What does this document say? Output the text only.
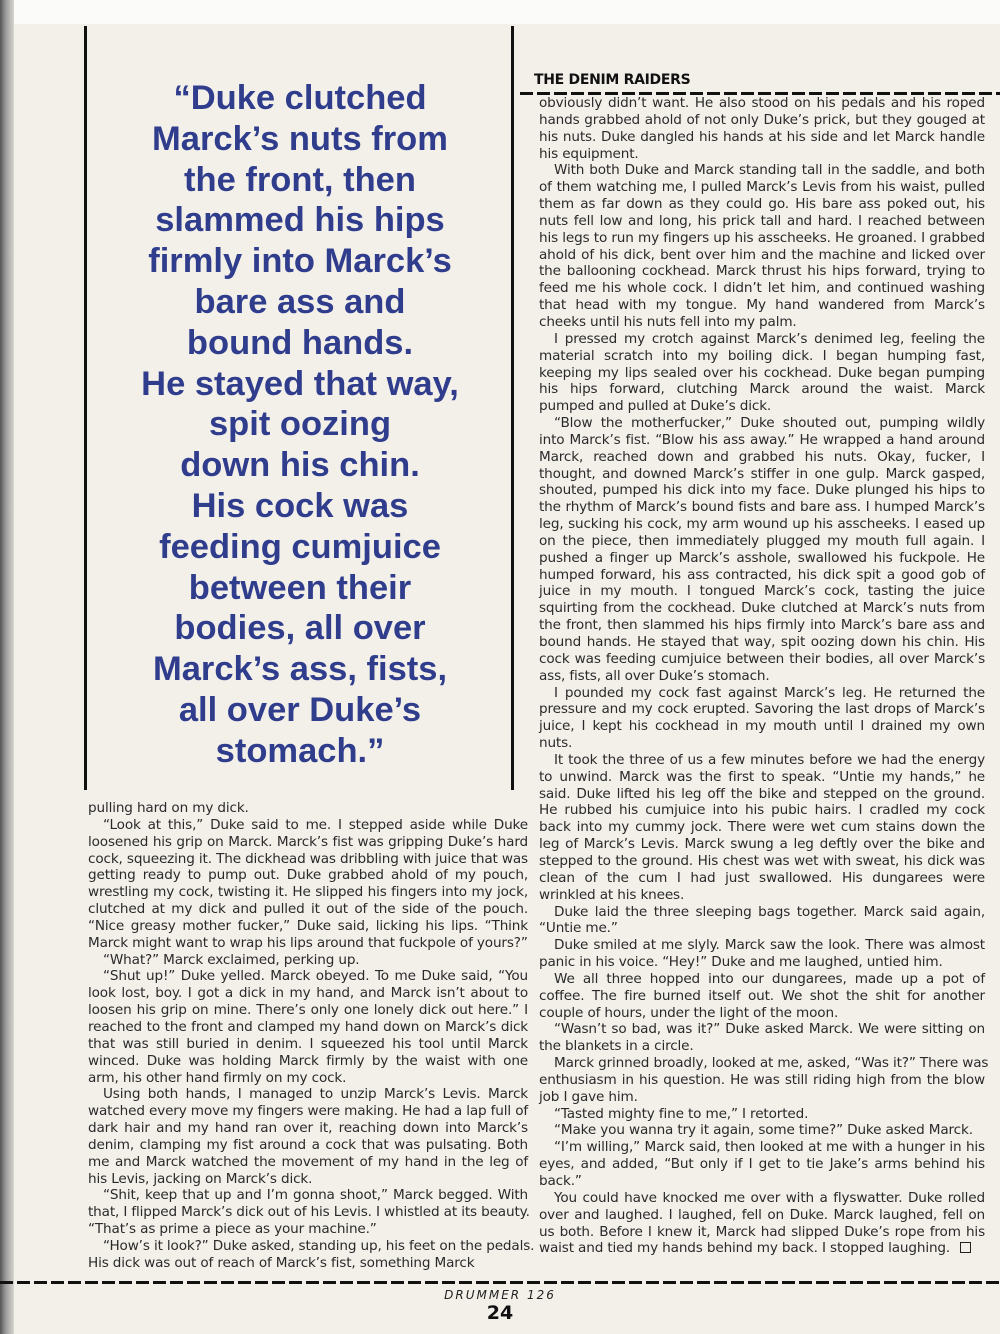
“Duke clutched
Marck’s nuts from
the front, then
slammed his hips
firmly into Marck’s
bare ass and
bound hands.
He stayed that way,
spit oozing
down his chin.
His cock was
feeding cumjuice
between their
bodies, all over
Marck’s ass, fists,
all over Duke’s
stomach.”
THE DENIM RAIDERS
pulling hard on my dick.
“Look at this,” Duke said to me. I stepped aside while Duke
loosened his grip on Marck. Marck’s fist was gripping Duke’s hard
cock, squeezing it. The dickhead was dribbling with juice that was
getting ready to pump out. Duke grabbed ahold of my pouch,
wrestling my cock, twisting it. He slipped his fingers into my jock,
clutched at my dick and pulled it out of the side of the pouch.
“Nice greasy mother fucker,” Duke said, licking his lips. “Think
Marck might want to wrap his lips around that fuckpole of yours?”
“What?” Marck exclaimed, perking up.
“Shut up!” Duke yelled. Marck obeyed. To me Duke said, “You
look lost, boy. I got a dick in my hand, and Marck isn’t about to
loosen his grip on mine. There’s only one lonely dick out here.” I
reached to the front and clamped my hand down on Marck’s dick
that was still buried in denim. I squeezed his tool until Marck
winced. Duke was holding Marck firmly by the waist with one
arm, his other hand firmly on my cock.
Using both hands, I managed to unzip Marck’s Levis. Marck
watched every move my fingers were making. He had a lap full of
dark hair and my hand ran over it, reaching down into Marck’s
denim, clamping my fist around a cock that was pulsating. Both
me and Marck watched the movement of my hand in the leg of
his Levis, jacking on Marck’s dick.
“Shit, keep that up and I’m gonna shoot,” Marck begged. With
that, I flipped Marck’s dick out of his Levis. I whistled at its beauty.
“That’s as prime a piece as your machine.”
“How’s it look?” Duke asked, standing up, his feet on the pedals.
His dick was out of reach of Marck’s fist, something Marck
obviously didn’t want. He also stood on his pedals and his roped
hands grabbed ahold of not only Duke’s prick, but they gouged at
his nuts. Duke dangled his hands at his side and let Marck handle
his equipment.
With both Duke and Marck standing tall in the saddle, and both
of them watching me, I pulled Marck’s Levis from his waist, pulled
them as far down as they could go. His bare ass poked out, his
nuts fell low and long, his prick tall and hard. I reached between
his legs to run my fingers up his asscheeks. He groaned. I grabbed
ahold of his dick, bent over him and the machine and licked over
the ballooning cockhead. Marck thrust his hips forward, trying to
feed me his whole cock. I didn’t let him, and continued washing
that head with my tongue. My hand wandered from Marck’s
cheeks until his nuts fell into my palm.
I pressed my crotch against Marck’s denimed leg, feeling the
material scratch into my boiling dick. I began humping fast,
keeping my lips sealed over his cockhead. Duke began pumping
his hips forward, clutching Marck around the waist. Marck
pumped and pulled at Duke’s dick.
“Blow the motherfucker,” Duke shouted out, pumping wildly
into Marck’s fist. “Blow his ass away.” He wrapped a hand around
Marck, reached down and grabbed his nuts. Okay, fucker, I
thought, and downed Marck’s stiffer in one gulp. Marck gasped,
shouted, pumped his dick into my face. Duke plunged his hips to
the rhythm of Marck’s bound fists and bare ass. I humped Marck’s
leg, sucking his cock, my arm wound up his asscheeks. I eased up
on the piece, then immediately plugged my mouth full again. I
pushed a finger up Marck’s asshole, swallowed his fuckpole. He
humped forward, his ass contracted, his dick spit a good gob of
juice in my mouth. I tongued Marck’s cock, tasting the juice
squirting from the cockhead. Duke clutched at Marck’s nuts from
the front, then slammed his hips firmly into Marck’s bare ass and
bound hands. He stayed that way, spit oozing down his chin. His
cock was feeding cumjuice between their bodies, all over Marck’s
ass, fists, all over Duke’s stomach.
I pounded my cock fast against Marck’s leg. He returned the
pressure and my cock erupted. Savoring the last drops of Marck’s
juice, I kept his cockhead in my mouth until I drained my own
nuts.
It took the three of us a few minutes before we had the energy
to unwind. Marck was the first to speak. “Untie my hands,” he
said. Duke lifted his leg off the bike and stepped on the ground.
He rubbed his cumjuice into his pubic hairs. I cradled my cock
back into my cummy jock. There were wet cum stains down the
leg of Marck’s Levis. Marck swung a leg deftly over the bike and
stepped to the ground. His chest was wet with sweat, his dick was
clean of the cum I had just swallowed. His dungarees were
wrinkled at his knees.
Duke laid the three sleeping bags together. Marck said again,
“Untie me.”
Duke smiled at me slyly. Marck saw the look. There was almost
panic in his voice. “Hey!” Duke and me laughed, untied him.
We all three hopped into our dungarees, made up a pot of
coffee. The fire burned itself out. We shot the shit for another
couple of hours, under the light of the moon.
“Wasn’t so bad, was it?” Duke asked Marck. We were sitting on
the blankets in a circle.
Marck grinned broadly, looked at me, asked, “Was it?” There was
enthusiasm in his question. He was still riding high from the blow
job I gave him.
“Tasted mighty fine to me,” I retorted.
“Make you wanna try it again, some time?” Duke asked Marck.
“I’m willing,” Marck said, then looked at me with a hunger in his
eyes, and added, “But only if I get to tie Jake’s arms behind his
back.”
You could have knocked me over with a flyswatter. Duke rolled
over and laughed. I laughed, fell on Duke. Marck laughed, fell on
us both. Before I knew it, Marck had slipped Duke’s rope from his
waist and tied my hands behind my back. I stopped laughing.
DRUMMER 126
24
